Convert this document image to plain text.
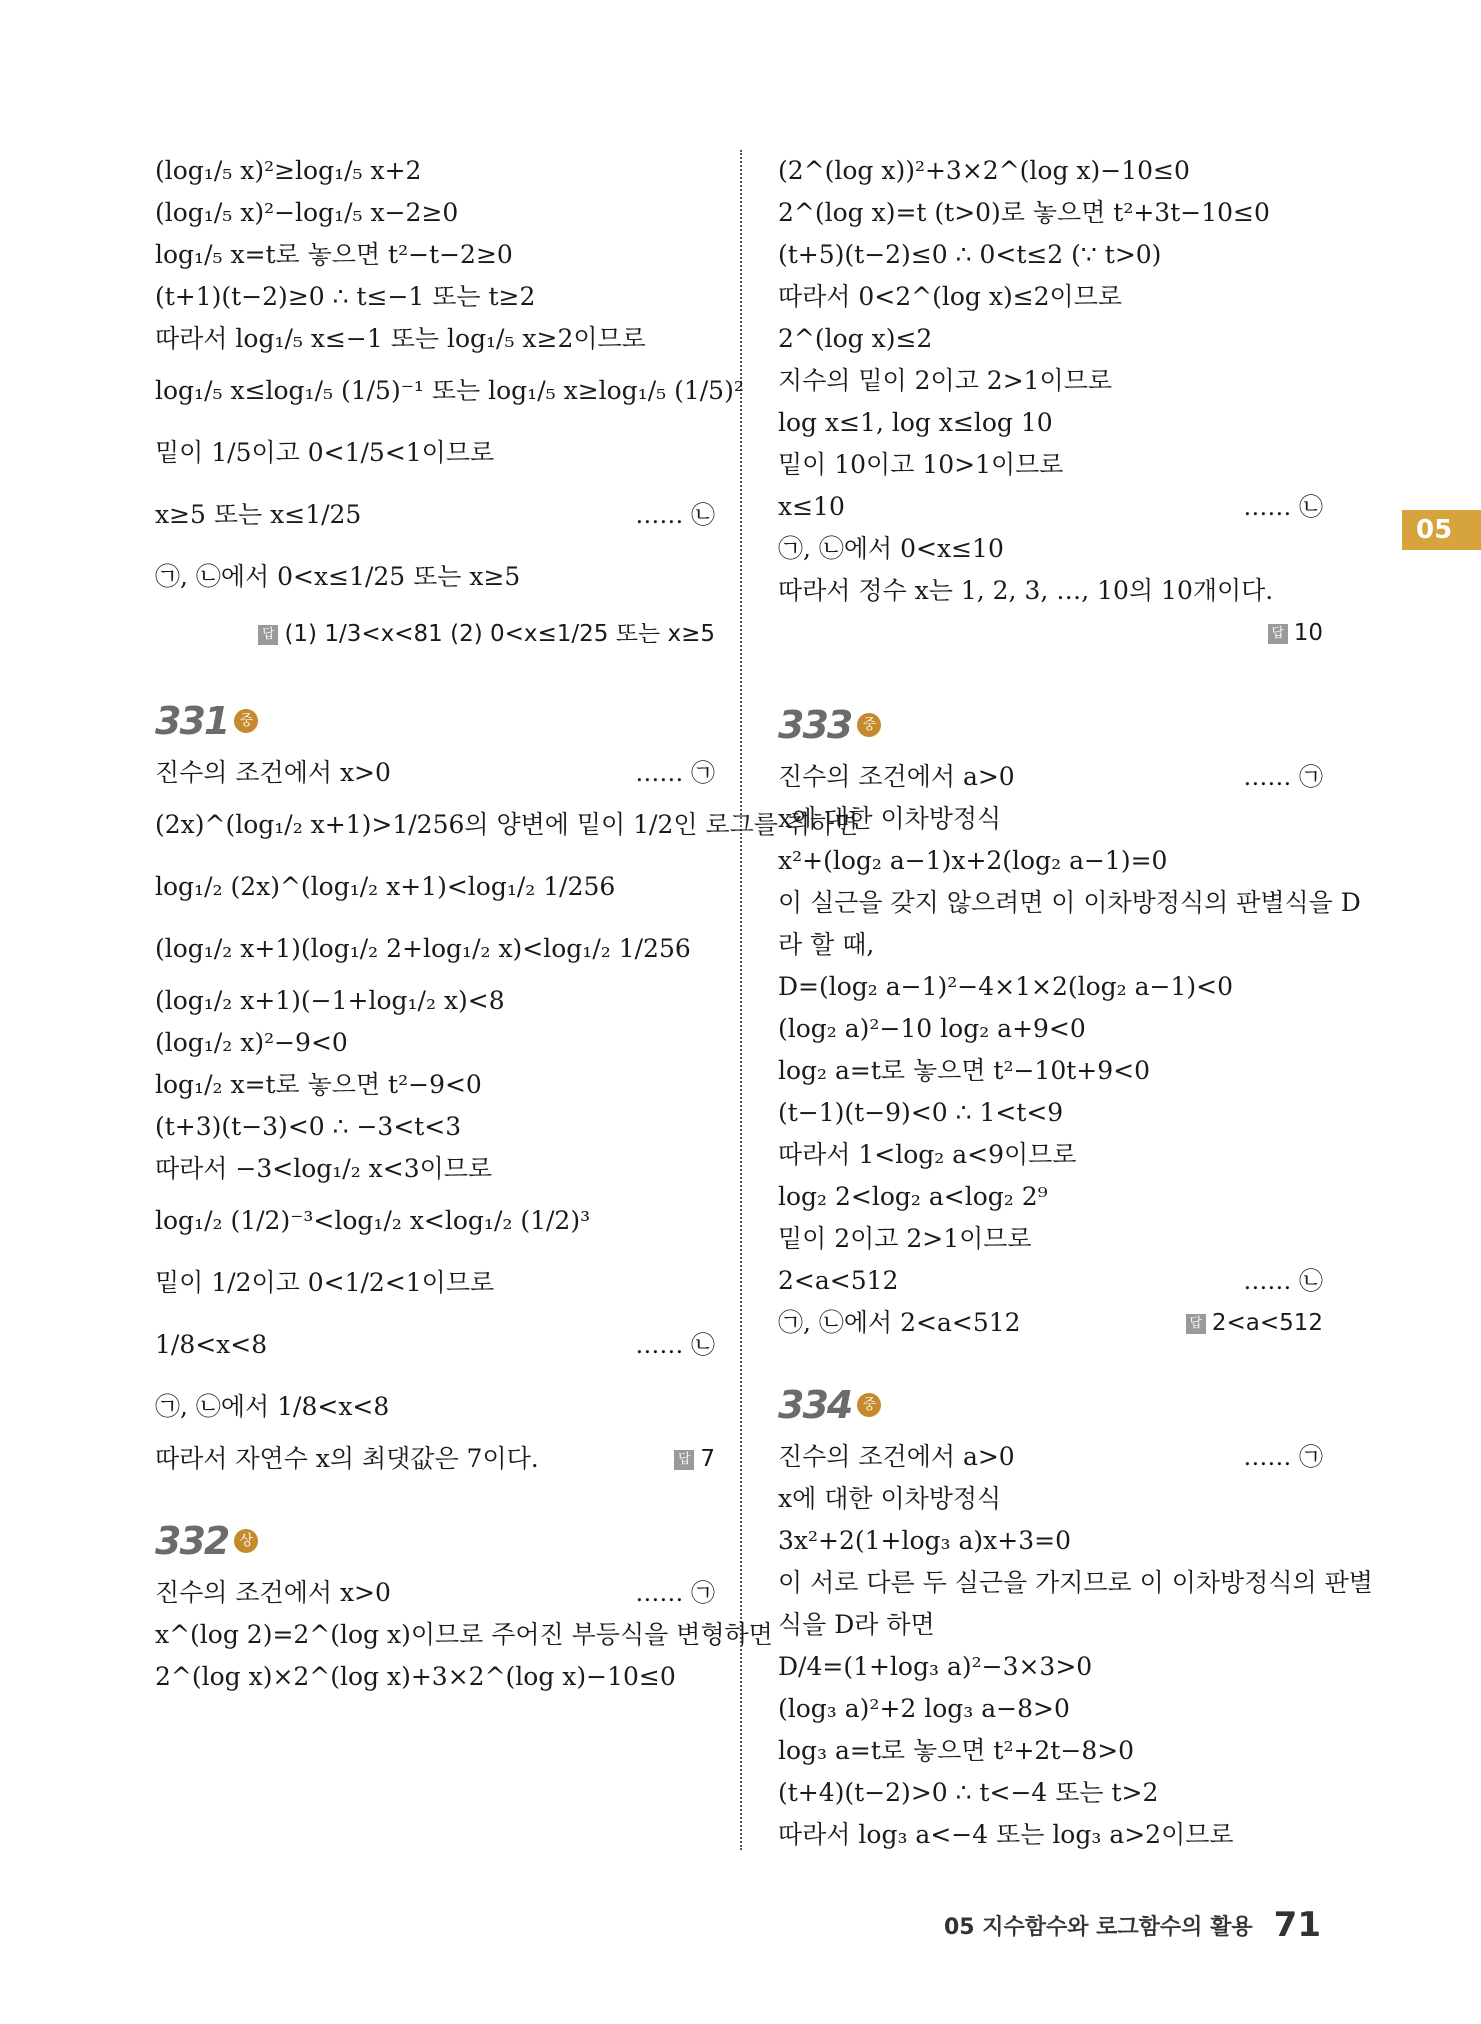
(log₁/₅ x)²≥log₁/₅ x+2
(log₁/₅ x)²−log₁/₅ x−2≥0
log₁/₅ x=t로 놓으면 t²−t−2≥0
(t+1)(t−2)≥0 ∴ t≤−1 또는 t≥2
따라서 log₁/₅ x≤−1 또는 log₁/₅ x≥2이므로
log₁/₅ x≤log₁/₅ (1/5)⁻¹ 또는 log₁/₅ x≥log₁/₅ (1/5)²
밑이 1/5이고 0<1/5<1이므로
x≥5 또는 x≤1/25	…… ㉡
㉠, ㉡에서 0<x≤1/25 또는 x≥5
답 (1) 1/3<x<81 (2) 0<x≤1/25 또는 x≥5
331 중
진수의 조건에서 x>0	…… ㉠
(2x)^(log₁/₂ x+1)>1/256의 양변에 밑이 1/2인 로그를 취하면
log₁/₂ (2x)^(log₁/₂ x+1)<log₁/₂ 1/256
(log₁/₂ x+1)(log₁/₂ 2+log₁/₂ x)<log₁/₂ 1/256
(log₁/₂ x+1)(−1+log₁/₂ x)<8
(log₁/₂ x)²−9<0
log₁/₂ x=t로 놓으면 t²−9<0
(t+3)(t−3)<0 ∴ −3<t<3
따라서 −3<log₁/₂ x<3이므로
log₁/₂ (1/2)⁻³<log₁/₂ x<log₁/₂ (1/2)³
밑이 1/2이고 0<1/2<1이므로
1/8<x<8	…… ㉡
㉠, ㉡에서 1/8<x<8
따라서 자연수 x의 최댓값은 7이다.	답 7
332 상
진수의 조건에서 x>0	…… ㉠
x^(log 2)=2^(log x)이므로 주어진 부등식을 변형하면
2^(log x)×2^(log x)+3×2^(log x)−10≤0
(2^(log x))²+3×2^(log x)−10≤0
2^(log x)=t (t>0)로 놓으면 t²+3t−10≤0
(t+5)(t−2)≤0 ∴ 0<t≤2 (∵ t>0)
따라서 0<2^(log x)≤2이므로
2^(log x)≤2
지수의 밑이 2이고 2>1이므로
log x≤1, log x≤log 10
밑이 10이고 10>1이므로
x≤10	…… ㉡
㉠, ㉡에서 0<x≤10
따라서 정수 x는 1, 2, 3, …, 10의 10개이다.
답 10
333 중
진수의 조건에서 a>0	…… ㉠
x에 대한 이차방정식
x²+(log₂ a−1)x+2(log₂ a−1)=0
이 실근을 갖지 않으려면 이 이차방정식의 판별식을 D
라 할 때,
D=(log₂ a−1)²−4×1×2(log₂ a−1)<0
(log₂ a)²−10 log₂ a+9<0
log₂ a=t로 놓으면 t²−10t+9<0
(t−1)(t−9)<0 ∴ 1<t<9
따라서 1<log₂ a<9이므로
log₂ 2<log₂ a<log₂ 2⁹
밑이 2이고 2>1이므로
2<a<512	…… ㉡
㉠, ㉡에서 2<a<512	답 2<a<512
334 중
진수의 조건에서 a>0	…… ㉠
x에 대한 이차방정식
3x²+2(1+log₃ a)x+3=0
이 서로 다른 두 실근을 가지므로 이 이차방정식의 판별
식을 D라 하면
D/4=(1+log₃ a)²−3×3>0
(log₃ a)²+2 log₃ a−8>0
log₃ a=t로 놓으면 t²+2t−8>0
(t+4)(t−2)>0 ∴ t<−4 또는 t>2
따라서 log₃ a<−4 또는 log₃ a>2이므로
05
05 지수함수와 로그함수의 활용 71
